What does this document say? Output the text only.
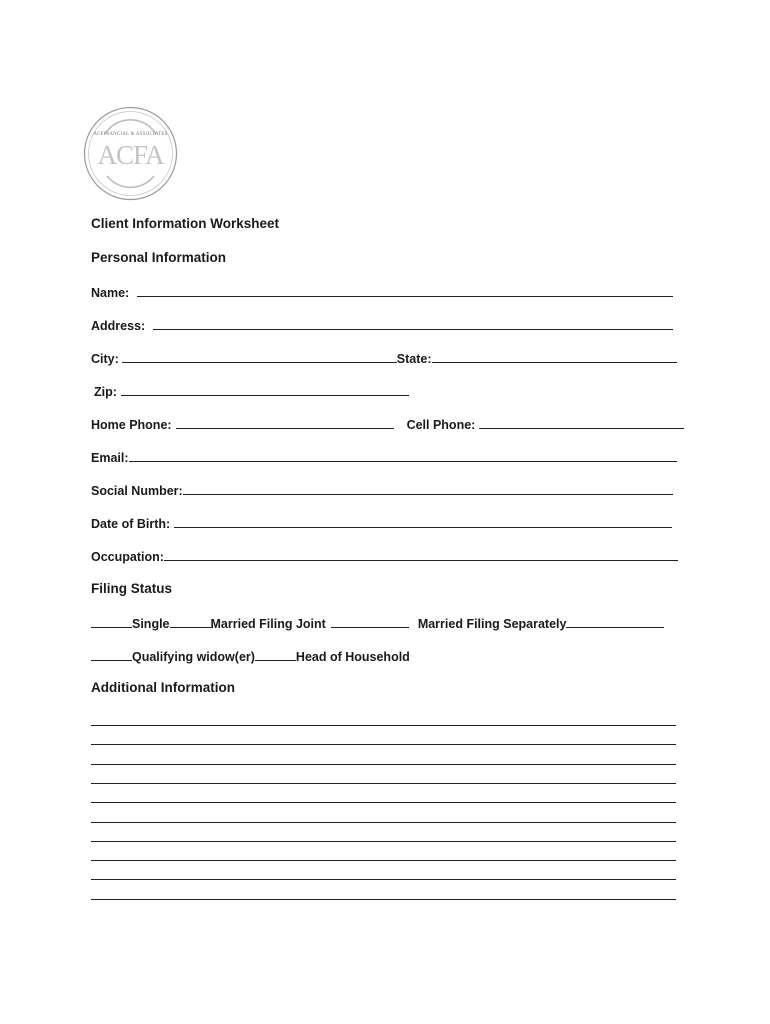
ACFINANCIAL & ASSOCIATES
ACFA
Client Information Worksheet
Personal Information
Name:
Address:
City:	State:
Zip:
Home Phone:	Cell Phone:
Email:
Social Number:
Date of Birth:
Occupation:
Filing Status
Single	Married Filing Joint	Married Filing Separately
Qualifying widow(er)	Head of Household
Additional Information
